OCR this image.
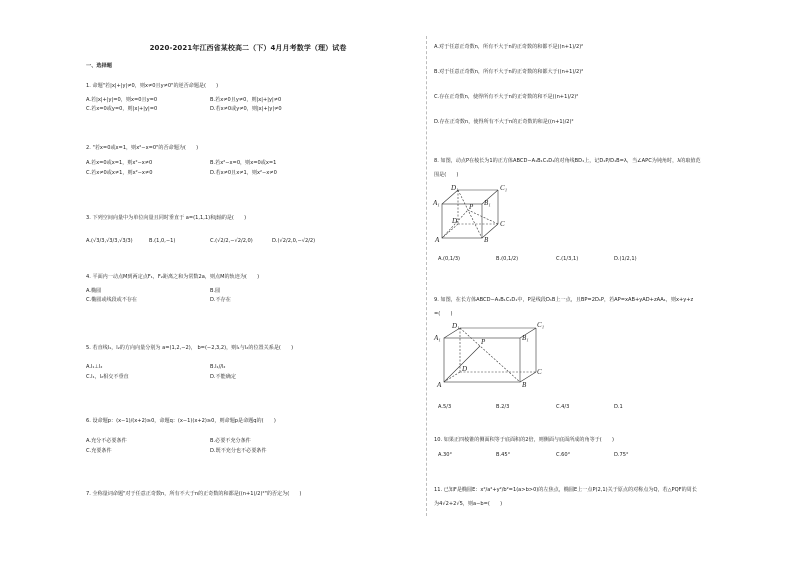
2020-2021年江西省某校高二（下）4月月考数学（理）试卷
一、选择题
1. 命题"若|x|+|y|≠0，则x≠0且y≠0"的逆否命题是(　　)
A.若|x|+|y|=0，则x=0且y=0	B.若x≠0且y≠0，则|x|+|y|≠0
C.若x=0或y=0，则|x|+|y|=0	D.若x≠0或y≠0，则|x|+|y|≠0
2. "若x=0或x=1，则x²−x=0"的否命题为(　　)
A.若x=0或x=1，则x²−x≠0	B.若x²−x=0，则x=0或x=1
C.若x≠0或x≠1，则x²−x≠0	D.若x≠0且x≠1，则x²−x≠0
3. 下列空间向量中为单位向量且同时垂直于 a=(1,1,1)和j轴的是(　　)
A.(√3/3,√3/3,√3/3)	B.(1,0,−1)	C.(√2/2,−√2/2,0)	D.(√2/2,0,−√2/2)
4. 平面内一动点M到两定点F₁，F₂距离之和为常数2a，则点M的轨迹为(　　)
A.椭圆	B.圆
C.椭圆或线段或不存在	D.不存在
5. 若直线l₁，l₂的方向向量分别为 a=(1,2,−2)， b=(−2,3,2)，则l₁与l₂的位置关系是(　　)
A.l₁⊥l₂	B.l₁//l₂
C.l₁，l₂相交不垂直	D.不能确定
6. 设命题p：(x−1)/(x+2)≥0，命题q：(x−1)(x+2)≥0，则命题p是命题q的(　　)
A.充分不必要条件	B.必要不充分条件
C.充要条件	D.既不充分也不必要条件
7. 全称量词命题"对于任意正奇数n，所有不大于n的正奇数的和都是((n+1)/2)²"的否定为(　　)
A.对于任意正奇数n，所有不大于n的正奇数的和都不是((n+1)/2)²
B.对于任意正奇数n，所有不大于n的正奇数的和都大于((n+1)/2)²
C.存在正奇数n，使得所有不大于n的正奇数的和不是((n+1)/2)²
D.存在正奇数n，使得所有不大于n的正奇数的和是((n+1)/2)²
8. 如图，动点P在棱长为1的正方体ABCD−A₁B₁C₁D₁的对角线BD₁上，记D₁P/D₁B=λ，当∠APC为钝角时，λ的取值范
围是(　　)
D₁	C₁
A₁	B₁
D	C
A	B
P
A.(0,1/3)	B.(0,1/2)	C.(1/3,1)	D.(1/2,1)
9. 如图，在长方体ABCD−A₁B₁C₁D₁中，P是线段D₁B上一点，且BP=2D₁P，若AP=xAB+yAD+zAA₁，则x+y+z
=(　　)
D₁	C₁
A₁	B₁
P
D	C
A	B
A.5/3	B.2/3	C.4/3	D.1
10. 如果正四棱锥的侧面积等于底面积的2倍，则侧面与底面所成的角等于(　　)
A.30°	B.45°	C.60°	D.75°
11. 已知F是椭圆E：x²/a²+y²/b²=1(a>b>0)的左焦点，椭圆E上一点P(2,1)关于原点的对称点为Q，若△PQF的周长
为4√2+2√5，则a−b=(　　)
